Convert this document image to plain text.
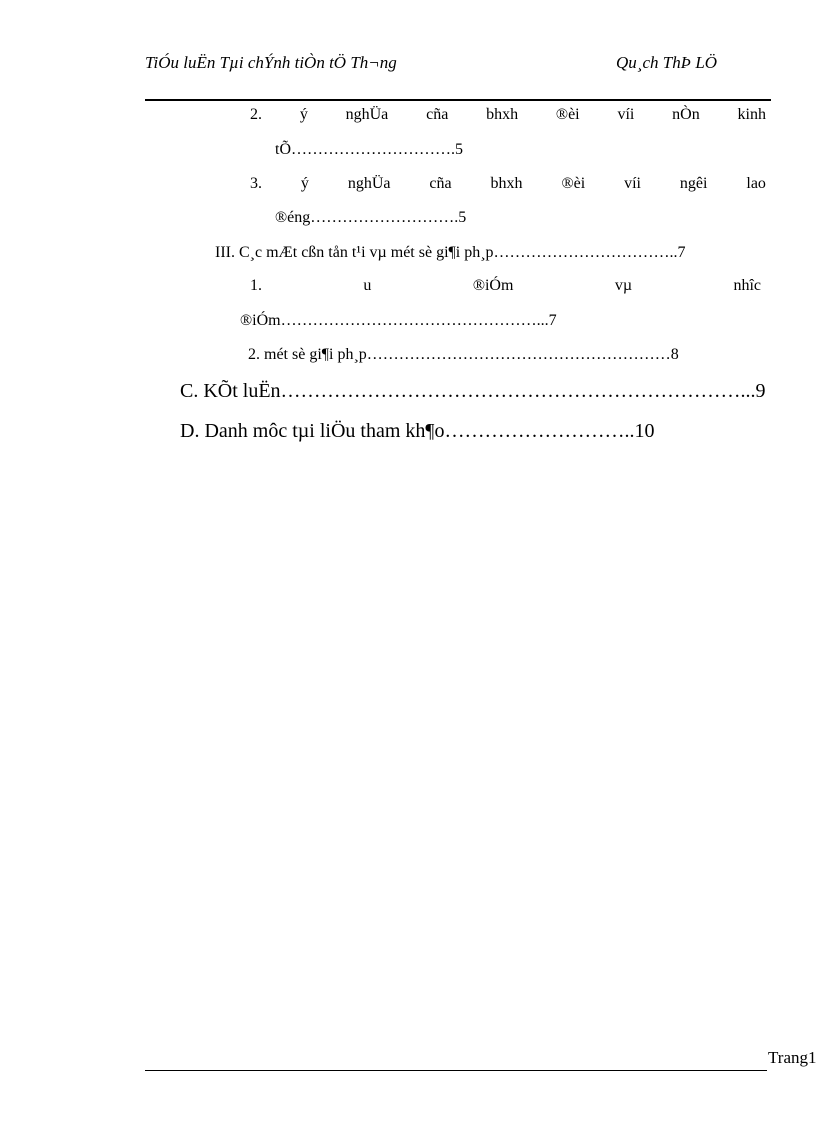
TiÓu luËn Tµi chÝnh tiÒn tÖ Th¬ng	Qu¸ch ThÞ LÖ
2. ý nghÜa cña bhxh ®èi víi nÒn kinh
tÕ………………………….5
3. ý nghÜa cña bhxh ®èi víi ngêi lao
®éng……………………….5
III. C¸c mÆt cßn tån t¹i vµ mét sè gi¶i ph¸p……………………………..7
1.	u	®iÓm	vµ	nhîc
®iÓm…………………………………………...7
2. mét sè gi¶i ph¸p…………………………………………………8
C. KÕt luËn……………………………………………………………...9
D. Danh môc tµi liÖu tham kh¶o………………………..10
Trang1
